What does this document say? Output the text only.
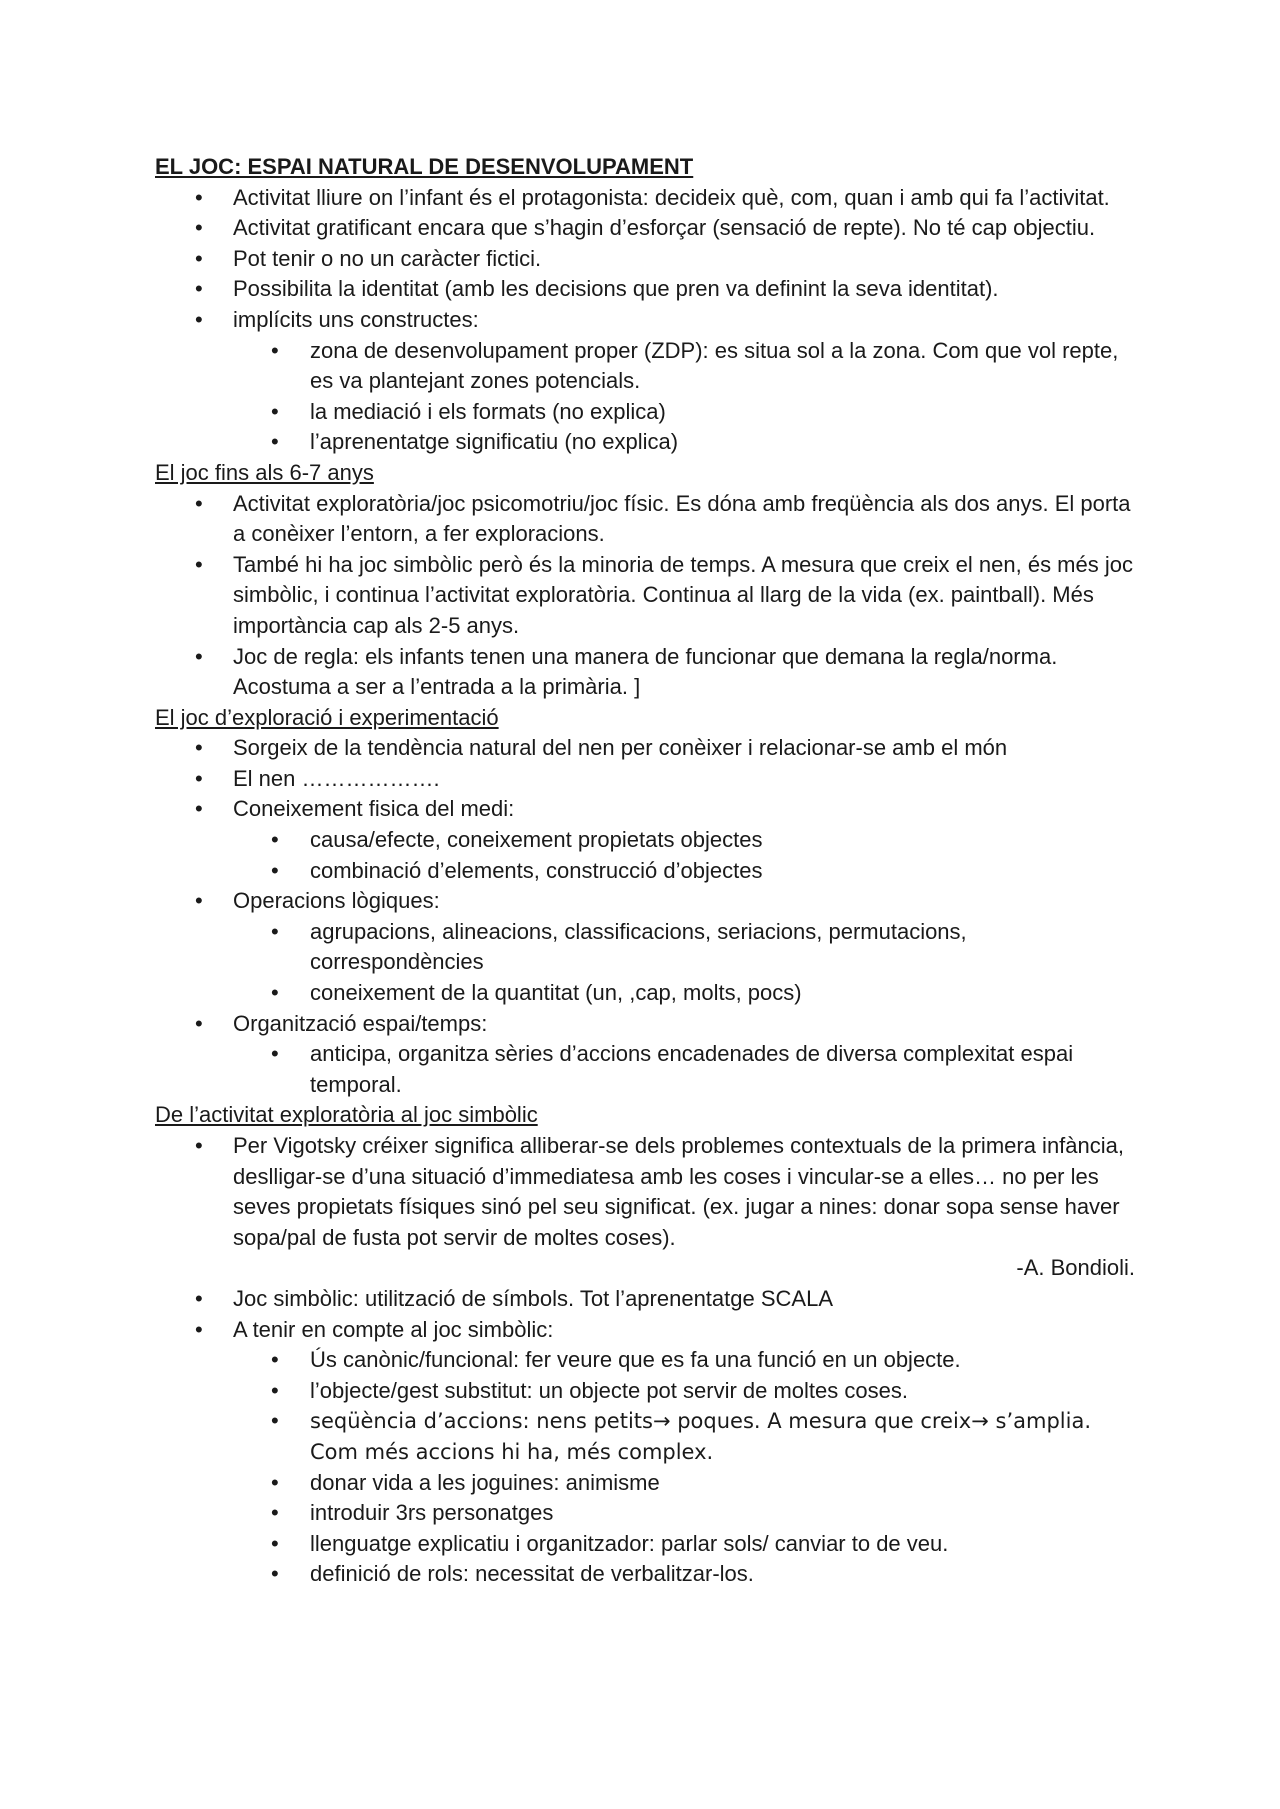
EL JOC: ESPAI NATURAL DE DESENVOLUPAMENT
• Activitat lliure on l’infant és el protagonista: decideix què, com, quan i amb qui fa l’activitat.
• Activitat gratificant encara que s’hagin d’esforçar (sensació de repte). No té cap objectiu.
• Pot tenir o no un caràcter fictici.
• Possibilita la identitat (amb les decisions que pren va definint la seva identitat).
• implícits uns constructes:
• zona de desenvolupament proper (ZDP): es situa sol a la zona. Com que vol repte, es va plantejant zones potencials.
• la mediació i els formats (no explica)
• l’aprenentatge significatiu (no explica)
El joc fins als 6-7 anys
• Activitat exploratòria/joc psicomotriu/joc físic. Es dóna amb freqüència als dos anys. El porta a conèixer l’entorn, a fer exploracions.
• També hi ha joc simbòlic però és la minoria de temps. A mesura que creix el nen, és més joc simbòlic, i continua l’activitat exploratòria. Continua al llarg de la vida (ex. paintball). Més importància cap als 2-5 anys.
• Joc de regla: els infants tenen una manera de funcionar que demana la regla/norma. Acostuma a ser a l’entrada a la primària. ]
El joc d’exploració i experimentació
• Sorgeix de la tendència natural del nen per conèixer i relacionar-se amb el món
• El nen ……………….
• Coneixement fisica del medi:
• causa/efecte, coneixement propietats objectes
• combinació d’elements, construcció d’objectes
• Operacions lògiques:
• agrupacions, alineacions, classificacions, seriacions, permutacions, correspondències
• coneixement de la quantitat (un, ,cap, molts, pocs)
• Organització espai/temps:
• anticipa, organitza sèries d’accions encadenades de diversa complexitat espai temporal.
De l’activitat exploratòria al joc simbòlic
• Per Vigotsky créixer significa alliberar-se dels problemes contextuals de la primera infància, deslligar-se d’una situació d’immediatesa amb les coses i vincular-se a elles… no per les seves propietats físiques sinó pel seu significat. (ex. jugar a nines: donar sopa sense haver sopa/pal de fusta pot servir de moltes coses).
-A. Bondioli.
• Joc simbòlic: utilització de símbols. Tot l’aprenentatge SCALA
• A tenir en compte al joc simbòlic:
• Ús canònic/funcional: fer veure que es fa una funció en un objecte.
• l’objecte/gest substitut: un objecte pot servir de moltes coses.
• seqüència d’accions: nens petits→ poques. A mesura que creix→ s’amplia. Com més accions hi ha, més complex.
• donar vida a les joguines: animisme
• introduir 3rs personatges
• llenguatge explicatiu i organitzador: parlar sols/ canviar to de veu.
• definició de rols: necessitat de verbalitzar-los.
